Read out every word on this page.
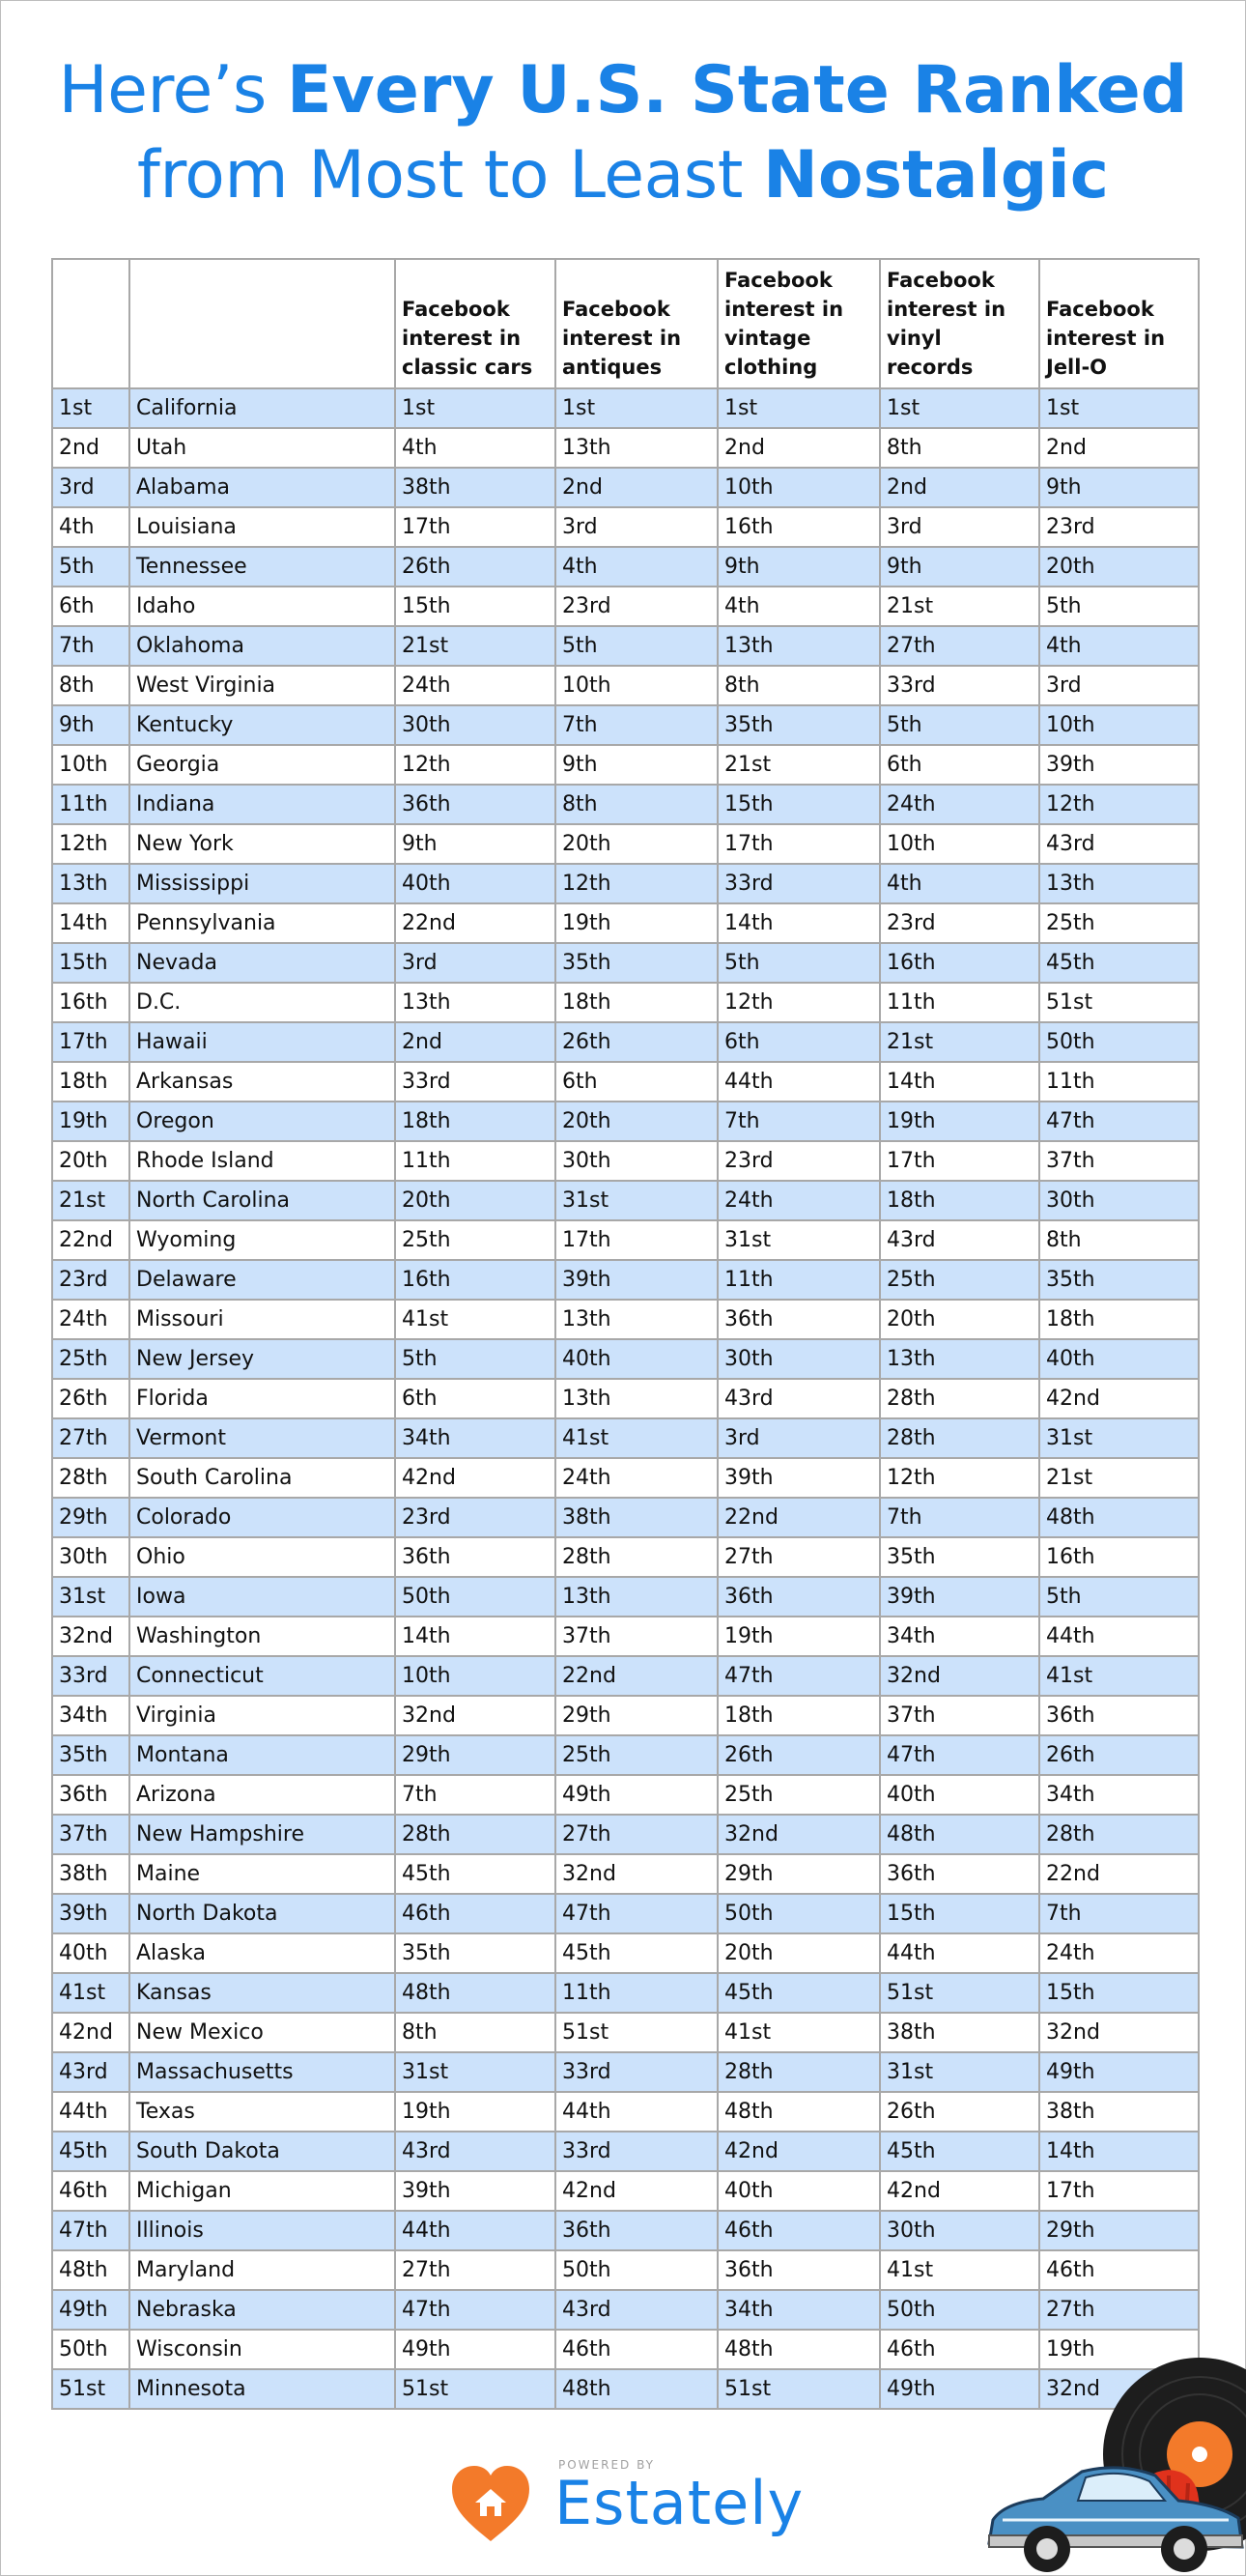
Here’s Every U.S. State Ranked
from Most to Least Nostalgic
		Facebook interest in classic cars	Facebook interest in antiques	Facebook interest in vintage clothing	Facebook interest in vinyl records	Facebook interest in Jell-O
1st	California	1st	1st	1st	1st	1st
2nd	Utah	4th	13th	2nd	8th	2nd
3rd	Alabama	38th	2nd	10th	2nd	9th
4th	Louisiana	17th	3rd	16th	3rd	23rd
5th	Tennessee	26th	4th	9th	9th	20th
6th	Idaho	15th	23rd	4th	21st	5th
7th	Oklahoma	21st	5th	13th	27th	4th
8th	West Virginia	24th	10th	8th	33rd	3rd
9th	Kentucky	30th	7th	35th	5th	10th
10th	Georgia	12th	9th	21st	6th	39th
11th	Indiana	36th	8th	15th	24th	12th
12th	New York	9th	20th	17th	10th	43rd
13th	Mississippi	40th	12th	33rd	4th	13th
14th	Pennsylvania	22nd	19th	14th	23rd	25th
15th	Nevada	3rd	35th	5th	16th	45th
16th	D.C.	13th	18th	12th	11th	51st
17th	Hawaii	2nd	26th	6th	21st	50th
18th	Arkansas	33rd	6th	44th	14th	11th
19th	Oregon	18th	20th	7th	19th	47th
20th	Rhode Island	11th	30th	23rd	17th	37th
21st	North Carolina	20th	31st	24th	18th	30th
22nd	Wyoming	25th	17th	31st	43rd	8th
23rd	Delaware	16th	39th	11th	25th	35th
24th	Missouri	41st	13th	36th	20th	18th
25th	New Jersey	5th	40th	30th	13th	40th
26th	Florida	6th	13th	43rd	28th	42nd
27th	Vermont	34th	41st	3rd	28th	31st
28th	South Carolina	42nd	24th	39th	12th	21st
29th	Colorado	23rd	38th	22nd	7th	48th
30th	Ohio	36th	28th	27th	35th	16th
31st	Iowa	50th	13th	36th	39th	5th
32nd	Washington	14th	37th	19th	34th	44th
33rd	Connecticut	10th	22nd	47th	32nd	41st
34th	Virginia	32nd	29th	18th	37th	36th
35th	Montana	29th	25th	26th	47th	26th
36th	Arizona	7th	49th	25th	40th	34th
37th	New Hampshire	28th	27th	32nd	48th	28th
38th	Maine	45th	32nd	29th	36th	22nd
39th	North Dakota	46th	47th	50th	15th	7th
40th	Alaska	35th	45th	20th	44th	24th
41st	Kansas	48th	11th	45th	51st	15th
42nd	New Mexico	8th	51st	41st	38th	32nd
43rd	Massachusetts	31st	33rd	28th	31st	49th
44th	Texas	19th	44th	48th	26th	38th
45th	South Dakota	43rd	33rd	42nd	45th	14th
46th	Michigan	39th	42nd	40th	42nd	17th
47th	Illinois	44th	36th	46th	30th	29th
48th	Maryland	27th	50th	36th	41st	46th
49th	Nebraska	47th	43rd	34th	50th	27th
50th	Wisconsin	49th	46th	48th	46th	19th
51st	Minnesota	51st	48th	51st	49th	32nd
POWERED BY
Estately
